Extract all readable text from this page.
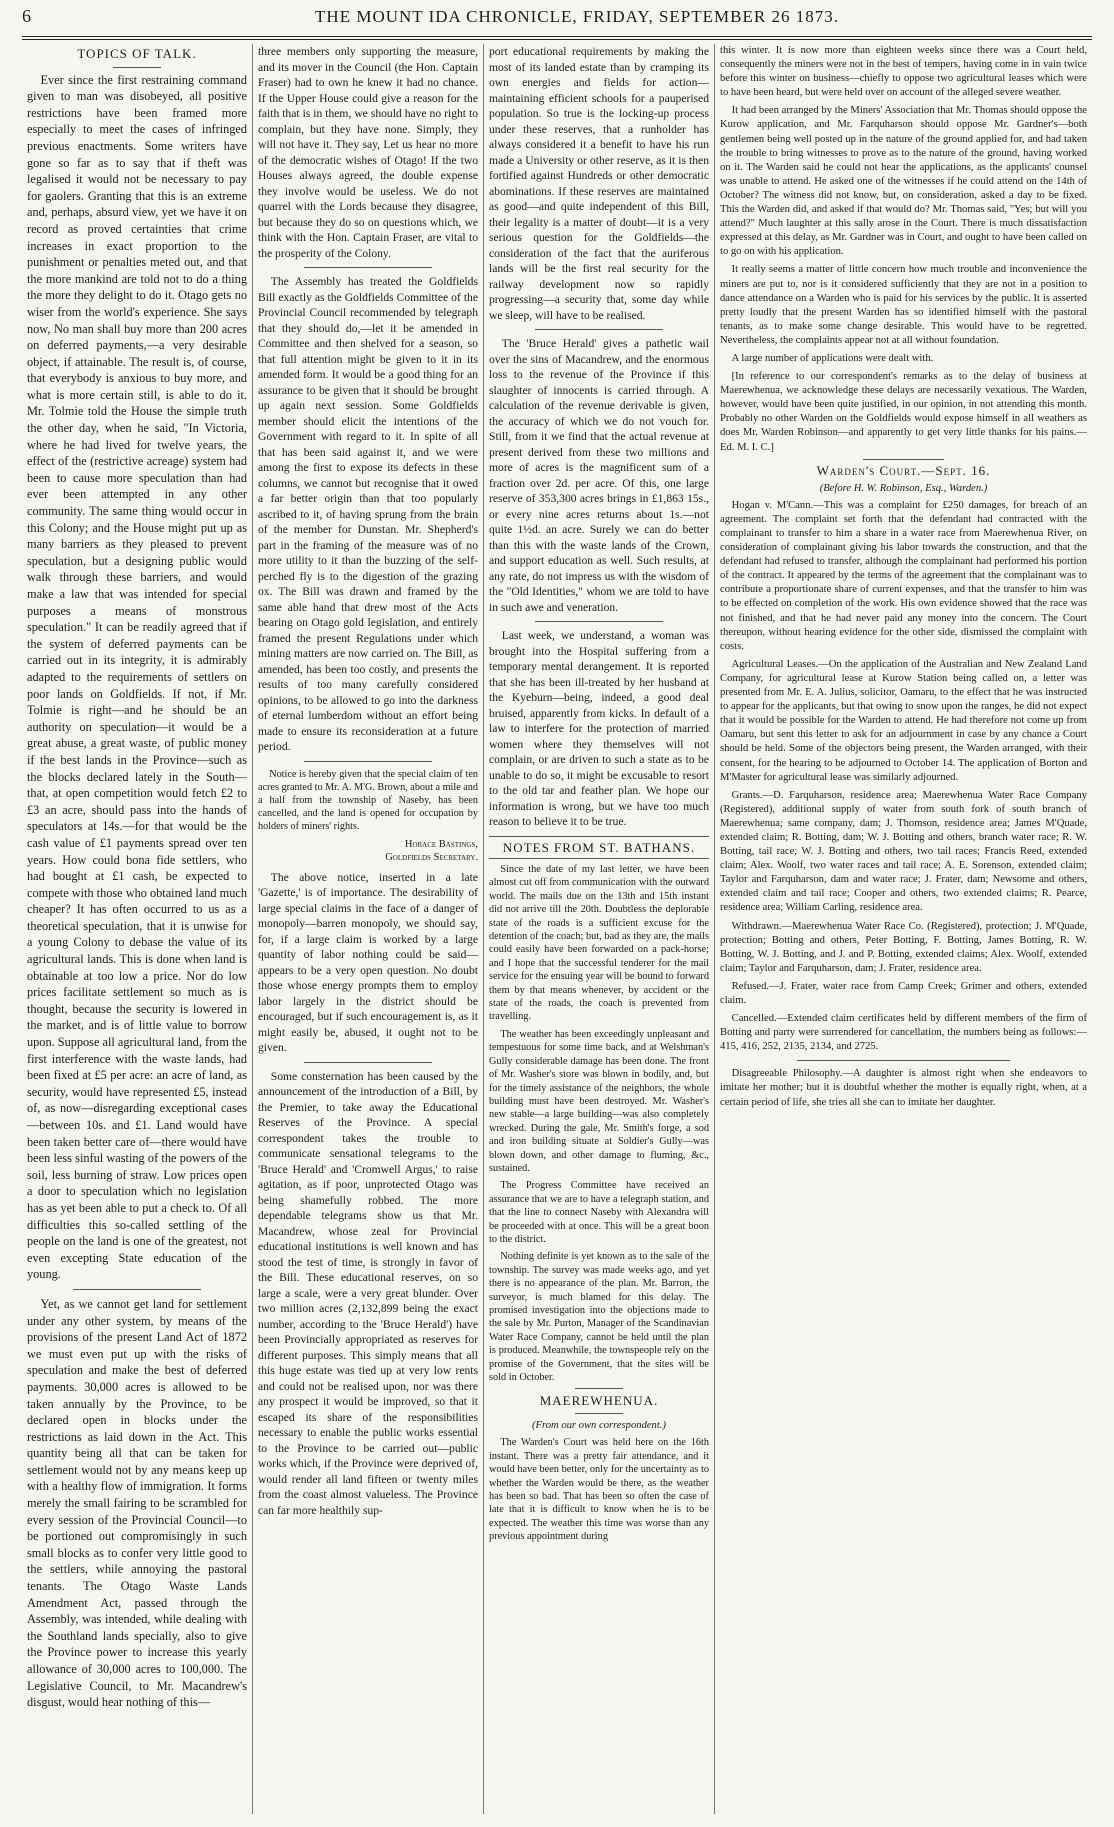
6	THE MOUNT IDA CHRONICLE, FRIDAY, SEPTEMBER 26 1873.
TOPICS OF TALK.

Ever since the first restraining command given to man was disobeyed, all positive restrictions have been framed more especially to meet the cases of infringed previous enactments. Some writers have gone so far as to say that if theft was legalised it would not be necessary to pay for gaolers. Granting that this is an extreme and, perhaps, absurd view, yet we have it on record as proved certainties that crime increases in exact proportion to the punishment or penalties meted out, and that the more mankind are told not to do a thing the more they delight to do it. Otago gets no wiser from the world's experience. She says now, No man shall buy more than 200 acres on deferred payments,—a very desirable object, if attainable. The result is, of course, that everybody is anxious to buy more, and what is more certain still, is able to do it. Mr. Tolmie told the House the simple truth the other day, when he said, "In Victoria, where he had lived for twelve years, the effect of the (restrictive acreage) system had been to cause more speculation than had ever been attempted in any other community. The same thing would occur in this Colony; and the House might put up as many barriers as they pleased to prevent speculation, but a designing public would walk through these barriers, and would make a law that was intended for special purposes a means of monstrous speculation." It can be readily agreed that if the system of deferred payments can be carried out in its integrity, it is admirably adapted to the requirements of settlers on poor lands on Goldfields. If not, if Mr. Tolmie is right—and he should be an authority on speculation—it would be a great abuse, a great waste, of public money if the best lands in the Province—such as the blocks declared lately in the South—that, at open competition would fetch £2 to £3 an acre, should pass into the hands of speculators at 14s.—for that would be the cash value of £1 payments spread over ten years. How could bona fide settlers, who had bought at £1 cash, be expected to compete with those who obtained land much cheaper? It has often occurred to us as a theoretical speculation, that it is unwise for a young Colony to debase the value of its agricultural lands. This is done when land is obtainable at too low a price. Nor do low prices facilitate settlement so much as is thought, because the security is lowered in the market, and is of little value to borrow upon. Suppose all agricultural land, from the first interference with the waste lands, had been fixed at £5 per acre: an acre of land, as security, would have represented £5, instead of, as now—disregarding exceptional cases—between 10s. and £1. Land would have been taken better care of—there would have been less sinful wasting of the powers of the soil, less burning of straw. Low prices open a door to speculation which no legislation has as yet been able to put a check to. Of all difficulties this so-called settling of the people on the land is one of the greatest, not even excepting State education of the young.

Yet, as we cannot get land for settlement under any other system, by means of the provisions of the present Land Act of 1872 we must even put up with the risks of speculation and make the best of deferred payments. 30,000 acres is allowed to be taken annually by the Province, to be declared open in blocks under the restrictions as laid down in the Act. This quantity being all that can be taken for settlement would not by any means keep up with a healthy flow of immigration. It forms merely the small fairing to be scrambled for every session of the Provincial Council—to be portioned out compromisingly in such small blocks as to confer very little good to the settlers, while annoying the pastoral tenants. The Otago Waste Lands Amendment Act, passed through the Assembly, was intended, while dealing with the Southland lands specially, also to give the Province power to increase this yearly allowance of 30,000 acres to 100,000. The Legislative Council, to Mr. Macandrew's disgust, would hear nothing of this—

three members only supporting the measure, and its mover in the Council (the Hon. Captain Fraser) had to own he knew it had no chance. If the Upper House could give a reason for the faith that is in them, we should have no right to complain, but they have none. Simply, they will not have it. They say, Let us hear no more of the democratic wishes of Otago! If the two Houses always agreed, the double expense they involve would be useless. We do not quarrel with the Lords because they disagree, but because they do so on questions which, we think with the Hon. Captain Fraser, are vital to the prosperity of the Colony.

The Assembly has treated the Goldfields Bill exactly as the Goldfields Committee of the Provincial Council recommended by telegraph that they should do,—let it be amended in Committee and then shelved for a season, so that full attention might be given to it in its amended form. It would be a good thing for an assurance to be given that it should be brought up again next session. Some Goldfields member should elicit the intentions of the Government with regard to it. In spite of all that has been said against it, and we were among the first to expose its defects in these columns, we cannot but recognise that it owed a far better origin than that too popularly ascribed to it, of having sprung from the brain of the member for Dunstan. Mr. Shepherd's part in the framing of the measure was of no more utility to it than the buzzing of the self-perched fly is to the digestion of the grazing ox. The Bill was drawn and framed by the same able hand that drew most of the Acts bearing on Otago gold legislation, and entirely framed the present Regulations under which mining matters are now carried on. The Bill, as amended, has been too costly, and presents the results of too many carefully considered opinions, to be allowed to go into the darkness of eternal lumberdom without an effort being made to ensure its reconsideration at a future period.

Notice is hereby given that the special claim of ten acres granted to Mr. A. M'G. Brown, about a mile and a half from the township of Naseby, has been cancelled, and the land is opened for occupation by holders of miners' rights.

Horace Bastings,
Goldfields Secretary.

The above notice, inserted in a late 'Gazette,' is of importance. The desirability of large special claims in the face of a danger of monopoly—barren monopoly, we should say, for, if a large claim is worked by a large quantity of labor nothing could be said—appears to be a very open question. No doubt those whose energy prompts them to employ labor largely in the district should be encouraged, but if such encouragement is, as it might easily be, abused, it ought not to be given.

Some consternation has been caused by the announcement of the introduction of a Bill, by the Premier, to take away the Educational Reserves of the Province. A special correspondent takes the trouble to communicate sensational telegrams to the 'Bruce Herald' and 'Cromwell Argus,' to raise agitation, as if poor, unprotected Otago was being shamefully robbed. The more dependable telegrams show us that Mr. Macandrew, whose zeal for Provincial educational institutions is well known and has stood the test of time, is strongly in favor of the Bill. These educational reserves, on so large a scale, were a very great blunder. Over two million acres (2,132,899 being the exact number, according to the 'Bruce Herald') have been Provincially appropriated as reserves for different purposes. This simply means that all this huge estate was tied up at very low rents and could not be realised upon, nor was there any prospect it would be improved, so that it escaped its share of the responsibilities necessary to enable the public works essential to the Province to be carried out—public works which, if the Province were deprived of, would render all land fifteen or twenty miles from the coast almost valueless. The Province can far more healthily sup-

port educational requirements by making the most of its landed estate than by cramping its own energies and fields for action—maintaining efficient schools for a pauperised population. So true is the locking-up process under these reserves, that a runholder has always considered it a benefit to have his run made a University or other reserve, as it is then fortified against Hundreds or other democratic abominations. If these reserves are maintained as good—and quite independent of this Bill, their legality is a matter of doubt—it is a very serious question for the Goldfields—the consideration of the fact that the auriferous lands will be the first real security for the railway development now so rapidly progressing—a security that, some day while we sleep, will have to be realised.

The 'Bruce Herald' gives a pathetic wail over the sins of Macandrew, and the enormous loss to the revenue of the Province if this slaughter of innocents is carried through. A calculation of the revenue derivable is given, the accuracy of which we do not vouch for. Still, from it we find that the actual revenue at present derived from these two millions and more of acres is the magnificent sum of a fraction over 2d. per acre. Of this, one large reserve of 353,300 acres brings in £1,863 15s., or every nine acres returns about 1s.—not quite 1½d. an acre. Surely we can do better than this with the waste lands of the Crown, and support education as well. Such results, at any rate, do not impress us with the wisdom of the "Old Identities," whom we are told to have in such awe and veneration.

Last week, we understand, a woman was brought into the Hospital suffering from a temporary mental derangement. It is reported that she has been ill-treated by her husband at the Kyeburn—being, indeed, a good deal bruised, apparently from kicks. In default of a law to interfere for the protection of married women where they themselves will not complain, or are driven to such a state as to be unable to do so, it might be excusable to resort to the old tar and feather plan. We hope our information is wrong, but we have too much reason to believe it to be true.

NOTES FROM ST. BATHANS.

Since the date of my last letter, we have been almost cut off from communication with the outward world. The mails due on the 13th and 15th instant did not arrive till the 20th. Doubtless the deplorable state of the roads is a sufficient excuse for the detention of the coach; but, bad as they are, the mails could easily have been forwarded on a pack-horse; and I hope that the successful tenderer for the mail service for the ensuing year will be bound to forward them by that means whenever, by accident or the state of the roads, the coach is prevented from travelling.

The weather has been exceedingly unpleasant and tempestuous for some time back, and at Welshman's Gully considerable damage has been done. The front of Mr. Washer's store was blown in bodily, and, but for the timely assistance of the neighbors, the whole building must have been destroyed. Mr. Washer's new stable—a large building—was also completely wrecked. During the gale, Mr. Smith's forge, a sod and iron building situate at Soldier's Gully—was blown down, and other damage to fluming, &c., sustained.

The Progress Committee have received an assurance that we are to have a telegraph station, and that the line to connect Naseby with Alexandra will be proceeded with at once. This will be a great boon to the district.

Nothing definite is yet known as to the sale of the township. The survey was made weeks ago, and yet there is no appearance of the plan. Mr. Barron, the surveyor, is much blamed for this delay. The promised investigation into the objections made to the sale by Mr. Purton, Manager of the Scandinavian Water Race Company, cannot be held until the plan is produced. Meanwhile, the townspeople rely on the promise of the Government, that the sites will be sold in October.

MAEREWHENUA.

(From our own correspondent.)

The Warden's Court was held here on the 16th instant. There was a pretty fair attendance, and it would have been better, only for the uncertainty as to whether the Warden would be there, as the weather has been so bad. That has been so often the case of late that it is difficult to know when he is to be expected. The weather this time was worse than any previous appointment during

this winter. It is now more than eighteen weeks since there was a Court held, consequently the miners were not in the best of tempers, having come in in vain twice before this winter on business—chiefly to oppose two agricultural leases which were to have been heard, but were held over on account of the alleged severe weather.

It had been arranged by the Miners' Association that Mr. Thomas should oppose the Kurow application, and Mr. Farquharson should oppose Mr. Gardner's—both gentlemen being well posted up in the nature of the ground applied for, and had taken the trouble to bring witnesses to prove as to the nature of the ground, having worked on it. The Warden said he could not hear the applications, as the applicants' counsel was unable to attend. He asked one of the witnesses if he could attend on the 14th of October? The witness did not know, but, on consideration, asked a day to be fixed. This the Warden did, and asked if that would do? Mr. Thomas said, "Yes; but will you attend?" Much laughter at this sally arose in the Court. There is much dissatisfaction expressed at this delay, as Mr. Gardner was in Court, and ought to have been called on to go on with his application.

It really seems a matter of little concern how much trouble and inconvenience the miners are put to, nor is it considered sufficiently that they are not in a position to dance attendance on a Warden who is paid for his services by the public. It is asserted pretty loudly that the present Warden has so identified himself with the pastoral tenants, as to make some change desirable. This would have to be regretted. Nevertheless, the complaints appear not at all without foundation.

A large number of applications were dealt with.

[In reference to our correspondent's remarks as to the delay of business at Maerewhenua, we acknowledge these delays are necessarily vexatious. The Warden, however, would have been quite justified, in our opinion, in not attending this month. Probably no other Warden on the Goldfields would expose himself in all weathers as does Mr. Warden Robinson—and apparently to get very little thanks for his pains.—Ed. M. I. C.]

Warden's Court.—Sept. 16.

(Before H. W. Robinson, Esq., Warden.)

Hogan v. M'Cann.—This was a complaint for £250 damages, for breach of an agreement. The complaint set forth that the defendant had contracted with the complainant to transfer to him a share in a water race from Maerewhenua River, on consideration of complainant giving his labor towards the construction, and that the defendant had refused to transfer, although the complainant had performed his portion of the contract. It appeared by the terms of the agreement that the complainant was to contribute a proportionate share of current expenses, and that the transfer to him was to be effected on completion of the work. His own evidence showed that the race was not finished, and that he had never paid any money into the concern. The Court thereupon, without hearing evidence for the other side, dismissed the complaint with costs.

Agricultural Leases.—On the application of the Australian and New Zealand Land Company, for agricultural lease at Kurow Station being called on, a letter was presented from Mr. E. A. Julius, solicitor, Oamaru, to the effect that he was instructed to appear for the applicants, but that owing to snow upon the ranges, he did not expect that it would be possible for the Warden to attend. He had therefore not come up from Oamaru, but sent this letter to ask for an adjournment in case by any chance a Court should be held. Some of the objectors being present, the Warden arranged, with their consent, for the hearing to be adjourned to October 14. The application of Borton and M'Master for agricultural lease was similarly adjourned.

Grants.—D. Farquharson, residence area; Maerewhenua Water Race Company (Registered), additional supply of water from south fork of south branch of Maerewhenua; same company, dam; J. Thomson, residence area; James M'Quade, extended claim; R. Botting, dam; W. J. Botting and others, branch water race; R. W. Botting, tail race; W. J. Botting and others, two tail races; Francis Reed, extended claim; Alex. Woolf, two water races and tail race; A. E. Sorenson, extended claim; Taylor and Farquharson, dam and water race; J. Frater, dam; Newsome and others, extended claim and tail race; Cooper and others, two extended claims; R. Pearce, residence area; William Carling, residence area.

Withdrawn.—Maerewhenua Water Race Co. (Registered), protection; J. M'Quade, protection; Botting and others, Peter Botting, F. Botting, James Botting, R. W. Botting, W. J. Botting, and J. and P. Botting, extended claims; Alex. Woolf, extended claim; Taylor and Farquharson, dam; J. Frater, residence area.

Refused.—J. Frater, water race from Camp Creek; Grimer and others, extended claim.

Cancelled.—Extended claim certificates held by different members of the firm of Botting and party were surrendered for cancellation, the numbers being as follows:—415, 416, 252, 2135, 2134, and 2725.

Disagreeable Philosophy.—A daughter is almost right when she endeavors to imitate her mother; but it is doubtful whether the mother is equally right, when, at a certain period of life, she tries all she can to imitate her daughter.
